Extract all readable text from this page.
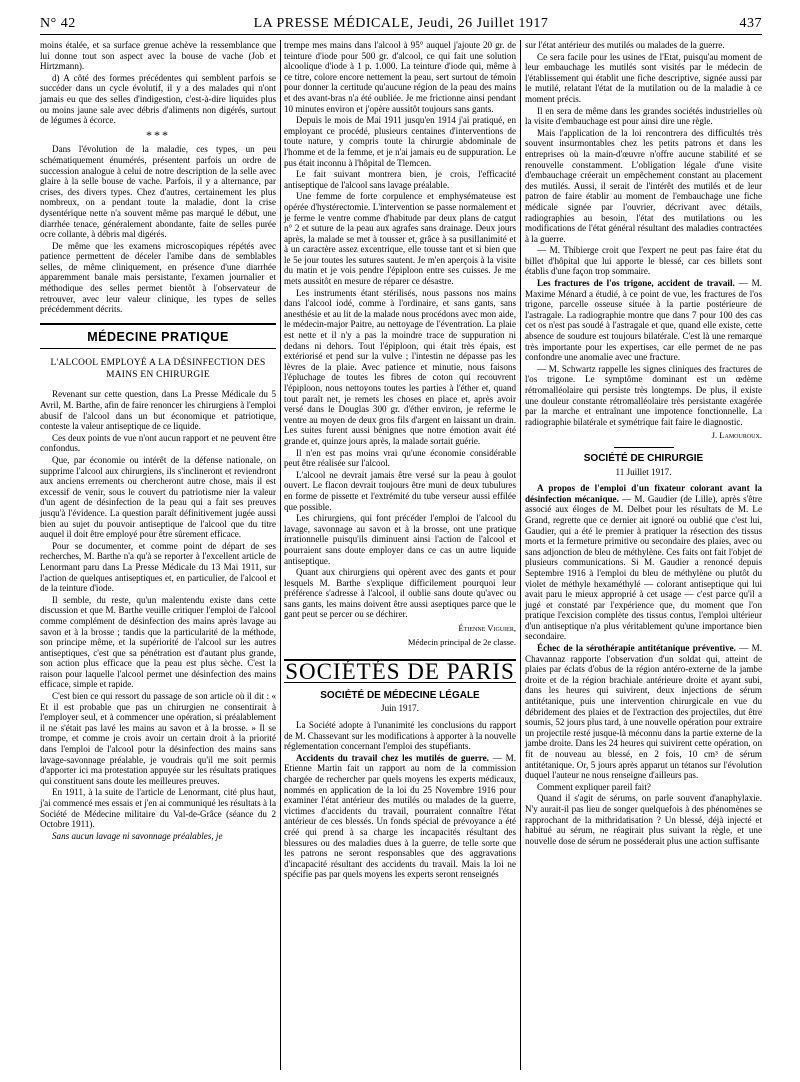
N° 42	LA PRESSE MÉDICALE, Jeudi, 26 Juillet 1917	437

moins étalée, et sa surface grenue achève la ressemblance que lui donne tout son aspect avec la bouse de vache (Job et Hirtzmann).

d) A côté des formes précédentes qui semblent parfois se succéder dans un cycle évolutif, il y a des malades qui n'ont jamais eu que des selles d'indigestion, c'est-à-dire liquides plus ou moins jaune sale avec débris d'aliments non digérés, surtout de légumes à écorce.

***

Dans l'évolution de la maladie, ces types, un peu schématiquement énumérés, présentent parfois un ordre de succession analogue à celui de notre description de la selle avec glaire à la selle bouse de vache. Parfois, il y a alternance, par crises, des divers types. Chez d'autres, certainement les plus nombreux, on a pendant toute la maladie, dont la crise dysentérique nette n'a souvent même pas marqué le début, une diarrhée tenace, généralement abondante, faite de selles purée ocre collante, à débris mal digérés.

De même que les examens microscopiques répétés avec patience permettent de déceler l'amibe dans de semblables selles, de même cliniquement, en présence d'une diarrhée apparemment banale mais persistante, l'examen journalier et méthodique des selles permet bientôt à l'observateur de retrouver, avec leur valeur clinique, les types de selles précédemment décrits.

MÉDECINE PRATIQUE
L'ALCOOL EMPLOYÉ A LA DÉSINFECTION DES MAINS EN CHIRURGIE

Revenant sur cette question, dans La Presse Médicale du 5 Avril, M. Barthe, afin de faire renoncer les chirurgiens à l'emploi abusif de l'alcool dans un but économique et patriotique, conteste la valeur antiseptique de ce liquide.

Ces deux points de vue n'ont aucun rapport et ne peuvent être confondus.

Que, par économie ou intérêt de la défense nationale, on supprime l'alcool aux chirurgiens, ils s'inclineront et reviendront aux anciens errements ou chercheront autre chose, mais il est excessif de venir, sous le couvert du patriotisme nier la valeur d'un agent de désinfection de la peau qui a fait ses preuves jusqu'à l'évidence. La question paraît définitivement jugée aussi bien au sujet du pouvoir antiseptique de l'alcool que du titre auquel il doit être employé pour être sûrement efficace.

Pour se documenter, et comme point de départ de ses recherches, M. Barthe n'a qu'à se reporter à l'excellent article de Lenormant paru dans La Presse Médicale du 13 Mai 1911, sur l'action de quelques antiseptiques et, en particulier, de l'alcool et de la teinture d'iode.

Il semble, du reste, qu'un malentendu existe dans cette discussion et que M. Barthe veuille critiquer l'emploi de l'alcool comme complément de désinfection des mains après lavage au savon et à la brosse ; tandis que la particularité de la méthode, son principe même, et la supériorité de l'alcool sur les autres antiseptiques, c'est que sa pénétration est d'autant plus grande, son action plus efficace que la peau est plus sèche. C'est la raison pour laquelle l'alcool permet une désinfection des mains efficace, simple et rapide.

C'est bien ce qui ressort du passage de son article où il dit : « Et il est probable que pas un chirurgien ne consentirait à l'employer seul, et à commencer une opération, si préalablement il ne s'était pas lavé les mains au savon et à la brosse. » Il se trompe, et comme je crois avoir un certain droit à la priorité dans l'emploi de l'alcool pour la désinfection des mains sans lavage-savonnage préalable, je voudrais qu'il me soit permis d'apporter ici ma protestation appuyée sur les résultats pratiques qui constituent sans doute les meilleures preuves.

En 1911, à la suite de l'article de Lenormant, cité plus haut, j'ai commencé mes essais et j'en ai communiqué les résultats à la Société de Médecine militaire du Val-de-Grâce (séance du 2 Octobre 1911).

Sans aucun lavage ni savonnage préalables, je

trempe mes mains dans l'alcool à 95° auquel j'ajoute 20 gr. de teinture d'iode pour 500 gr. d'alcool, ce qui fait une solution alcoolique d'iode à 1 p. 1.000. La teinture d'iode qui, même à ce titre, colore encore nettement la peau, sert surtout de témoin pour donner la certitude qu'aucune région de la peau des mains et des avant-bras n'a été oubliée. Je me frictionne ainsi pendant 10 minutes environ et j'opère aussitôt toujours sans gants.

Depuis le mois de Mai 1911 jusqu'en 1914 j'ai pratiqué, en employant ce procédé, plusieurs centaines d'interventions de toute nature, y compris toute la chirurgie abdominale de l'homme et de la femme, et je n'ai jamais eu de suppuration. Le pus était inconnu à l'hôpital de Tlemcen.

Le fait suivant montrera bien, je crois, l'efficacité antiseptique de l'alcool sans lavage préalable.

Une femme de forte corpulence et emphysémateuse est opérée d'hystérectomie. L'intervention se passe normalement et je ferme le ventre comme d'habitude par deux plans de catgut n° 2 et suture de la peau aux agrafes sans drainage. Deux jours après, la malade se met à tousser et, grâce à sa pusillanimité et à un caractère assez excentrique, elle tousse tant et si bien que le 5e jour toutes les sutures sautent. Je m'en aperçois à la visite du matin et je vois pendre l'épiploon entre ses cuisses. Je me mets aussitôt en mesure de réparer ce désastre.

Les instruments étant stérilisés, nous passons nos mains dans l'alcool iodé, comme à l'ordinaire, et sans gants, sans anesthésie et au lit de la malade nous procédons avec mon aide, le médecin-major Paitre, au nettoyage de l'éventration. La plaie est nette et il n'y a pas la moindre trace de suppuration ni dedans ni dehors. Tout l'épiploon, qui était très épais, est extériorisé et pend sur la vulve ; l'intestin ne dépasse pas les lèvres de la plaie. Avec patience et minutie, nous faisons l'épluchage de toutes les fibres de coton qui recouvrent l'épiploon, nous nettoyons toutes les parties à l'éther et, quand tout paraît net, je remets les choses en place et, après avoir versé dans le Douglas 300 gr. d'éther environ, je referme le ventre au moyen de deux gros fils d'argent en laissant un drain. Les suites furent aussi bénignes que notre émotion avait été grande et, quinze jours après, la malade sortait guérie.

Il n'en est pas moins vrai qu'une économie considérable peut être réalisée sur l'alcool.

L'alcool ne devrait jamais être versé sur la peau à goulot ouvert. Le flacon devrait toujours être muni de deux tubulures en forme de pissette et l'extrémité du tube verseur aussi effilée que possible.

Les chirurgiens, qui font précéder l'emploi de l'alcool du lavage, savonnage au savon et à la brosse, ont une pratique irrationnelle puisqu'ils diminuent ainsi l'action de l'alcool et pourraient sans doute employer dans ce cas un autre liquide antiseptique.

Quant aux chirurgiens qui opèrent avec des gants et pour lesquels M. Barthe s'explique difficilement pourquoi leur préférence s'adresse à l'alcool, il oublie sans doute qu'avec ou sans gants, les mains doivent être aussi aseptiques parce que le gant peut se percer ou se déchirer.

Étienne Viguier,
Médecin principal de 2e classe.
SOCIÉTÉS DE PARIS
SOCIÉTÉ DE MÉDECINE LÉGALE
Juin 1917.

La Société adopte à l'unanimité les conclusions du rapport de M. Chassevant sur les modifications à apporter à la nouvelle réglementation concernant l'emploi des stupéfiants.

Accidents du travail chez les mutilés de guerre. — M. Etienne Martin fait un rapport au nom de la commission chargée de rechercher par quels moyens les experts médicaux, nommés en application de la loi du 25 Novembre 1916 pour examiner l'état antérieur des mutilés ou malades de la guerre, victimes d'accidents du travail, pourraient connaître l'état antérieur de ces blessés. Un fonds spécial de prévoyance a été créé qui prend à sa charge les incapacités résultant des blessures ou des maladies dues à la guerre, de telle sorte que les patrons ne seront responsables que des aggravations d'incapacité résultant des accidents du travail. Mais la loi ne spécifie pas par quels moyens les experts seront renseignés

sur l'état antérieur des mutilés ou malades de la guerre.

Ce sera facile pour les usines de l'Etat, puisqu'au moment de leur embauchage les mutilés sont visités par le médecin de l'établissement qui établit une fiche descriptive, signée aussi par le mutilé, relatant l'état de la mutilation ou de la maladie à ce moment précis.

Il en sera de même dans les grandes sociétés industrielles où la visite d'embauchage est pour ainsi dire une règle.

Mais l'application de la loi rencontrera des difficultés très souvent insurmontables chez les petits patrons et dans les entreprises où la main-d'œuvre n'offre aucune stabilité et se renouvelle constamment. L'obligation légale d'une visite d'embauchage créerait un empêchement constant au placement des mutilés. Aussi, il serait de l'intérêt des mutilés et de leur patron de faire établir au moment de l'embauchage une fiche médicale signée par l'ouvrier, décrivant avec détails, radiographies au besoin, l'état des mutilations ou les modifications de l'état général résultant des maladies contractées à la guerre.

— M. Thibierge croit que l'expert ne peut pas faire état du billet d'hôpital que lui apporte le blessé, car ces billets sont établis d'une façon trop sommaire.

Les fractures de l'os trigone, accident de travail. — M. Maxime Ménard a étudié, à ce point de vue, les fractures de l'os trigone, parcelle osseuse située à la partie postérieure de l'astragale. La radiographie montre que dans 7 pour 100 des cas cet os n'est pas soudé à l'astragale et que, quand elle existe, cette absence de soudure est toujours bilatérale. C'est là une remarque très importante pour les expertises, car elle permet de ne pas confondre une anomalie avec une fracture.

— M. Schwartz rappelle les signes cliniques des fractures de l'os trigone. Le symptôme dominant est un œdème rétromalléolaire qui persiste très longtemps. De plus, il existe une douleur constante rétromalléolaire très persistante exagérée par la marche et entraînant une impotence fonctionnelle. La radiographie bilatérale et symétrique fait faire le diagnostic.

J. Lamouroux.
SOCIÉTÉ DE CHIRURGIE
11 Juillet 1917.

A propos de l'emploi d'un fixateur colorant avant la désinfection mécanique. — M. Gaudier (de Lille), après s'être associé aux éloges de M. Delbet pour les résultats de M. Le Grand, regrette que ce dernier ait ignoré ou oublié que c'est lui, Gaudier, qui a été le premier à pratiquer la résection des tissus morts et la fermeture primitive ou secondaire des plaies, avec ou sans adjonction de bleu de méthylène. Ces faits ont fait l'objet de plusieurs communications. Si M. Gaudier a renoncé depuis Septembre 1916 à l'emploi du bleu de méthylène ou plutôt du violet de méthyle hexaméthylé — colorant antiseptique qui lui avait paru le mieux approprié à cet usage — c'est parce qu'il a jugé et constaté par l'expérience que, du moment que l'on pratique l'excision complète des tissus contus, l'emploi ultérieur d'un antiseptique n'a plus véritablement qu'une importance bien secondaire.

Échec de la sérothérapie antitétanique préventive. — M. Chavannaz rapporte l'observation d'un soldat qui, atteint de plaies par éclats d'obus de la région antéro-externe de la jambe droite et de la région brachiale antérieure droite et ayant subi, dans les heures qui suivirent, deux injections de sérum antitétanique, puis une intervention chirurgicale en vue du débridement des plaies et de l'extraction des projectiles, dut être soumis, 52 jours plus tard, à une nouvelle opération pour extraire un projectile resté jusque-là méconnu dans la partie externe de la jambe droite. Dans les 24 heures qui suivirent cette opération, on fit de nouveau au blessé, en 2 fois, 10 cm³ de sérum antitétanique. Or, 5 jours après apparut un tétanos sur l'évolution duquel l'auteur ne nous renseigne d'ailleurs pas.

Comment expliquer pareil fait?

Quand il s'agit de sérums, on parle souvent d'anaphylaxie. N'y aurait-il pas lieu de songer quelquefois à des phénomènes se rapprochant de la mithridatisation ? Un blessé, déjà injecté et habitué au sérum, ne réagirait plus suivant la règle, et une nouvelle dose de sérum ne posséderait plus une action suffisante
